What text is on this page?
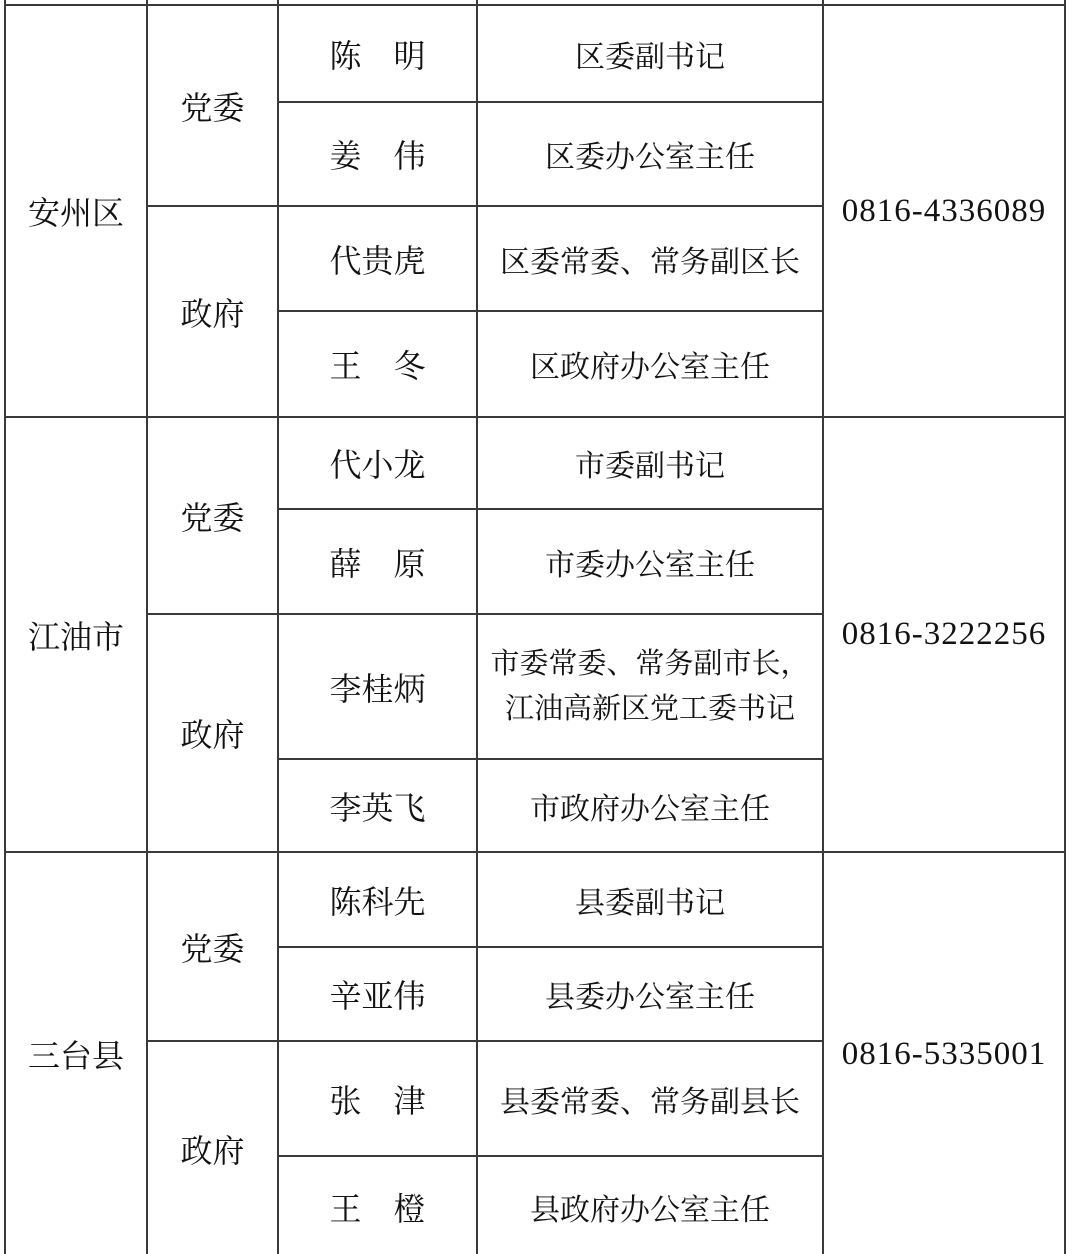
安州区	党委	陈　明	区委副书记	0816-4336089
		姜　伟	区委办公室主任	
	政府	代贵虎	区委常委、常务副区长	
		王　冬	区政府办公室主任	
江油市	党委	代小龙	市委副书记	0816-3222256
		薛　原	市委办公室主任	
	政府	李桂炳	市委常委、常务副市长，江油高新区党工委书记	
		李英飞	市政府办公室主任	
三台县	党委	陈科先	县委副书记	0816-5335001
		辛亚伟	县委办公室主任	
	政府	张　津	县委常委、常务副县长	
		王　橙	县政府办公室主任	
